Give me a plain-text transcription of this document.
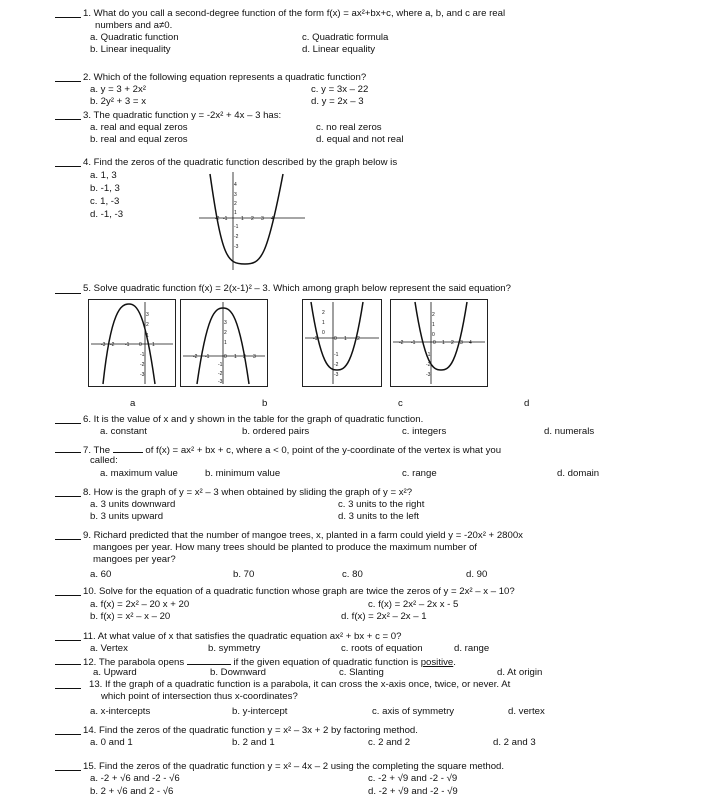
1. What do you call a second-degree function of the form f(x) = ax²+bx+c, where a, b, and c are real
numbers and a≠0.
a. Quadratic function	c. Quadratic formula
b. Linear inequality	d. Linear equality
2. Which of the following equation represents a quadratic function?
a. y = 3 + 2x²	c. y = 3x – 22
b. 2y² + 3 = x	d. y = 2x – 3
3. The quadratic function y = -2x² + 4x – 3 has:
a. real and equal zeros	c. no real zeros
b. real and equal zeros	d. equal and not real
4. Find the zeros of the quadratic function described by the graph below is
a. 1, 3
b. -1, 3
c. 1, -3
d. -1, -3	-2 -1	1 2 3 4
4
3
2
1
-1
-2
-3
5. Solve quadratic function f(x) = 2(x-1)² – 3. Which among graph below represent the said equation?
-3 -2 -1 0 1
3
2
1
-1
-2
-3
-2 -1	0 1 2 3
3
2
1
-1
-2
-3
-1	0 1 2
2
1
0
-1
-2
-3
-2 -1	0 1 2 3 4
2
1
0
-1
-2
-3
a	b	c	d
6. It is the value of x and y shown in the table for the graph of quadratic function.
a. constant	b. ordered pairs	c. integers	d. numerals
7. The	of f(x) = ax² + bx + c, where a < 0, point of the y-coordinate of the vertex is what you
called:
a. maximum value	b. minimum value	c. range	d. domain
8. How is the graph of y = x² – 3 when obtained by sliding the graph of y = x²?
a. 3 units downward	c. 3 units to the right
b. 3 units upward	d. 3 units to the left
9. Richard predicted that the number of mangoe trees, x, planted in a farm could yield y = -20x² + 2800x
mangoes per year. How many trees should be planted to produce the maximum number of
mangoes per year?
a. 60	b. 70	c. 80	d. 90
10. Solve for the equation of a quadratic function whose graph are twice the zeros of y = 2x² – x – 10?
a. f(x) = 2x² – 20 x + 20	c. f(x) = 2x² – 2x x - 5
b. f(x) = x² – x – 20	d. f(x) = 2x² – 2x – 1
11. At what value of x that satisfies the quadratic equation ax² + bx + c = 0?
a. Vertex	b. symmetry	c. roots of equation	d. range
12. The parabola opens	if the given equation of quadratic function is positive.
a. Upward	b. Downward	c. Slanting	d. At origin
13. If the graph of a quadratic function is a parabola, it can cross the x-axis once, twice, or never. At
which point of intersection thus x-coordinates?
a. x-intercepts	b. y-intercept	c. axis of symmetry	d. vertex
14. Find the zeros of the quadratic function y = x² – 3x + 2 by factoring method.
a. 0 and 1	b. 2 and 1	c. 2 and 2	d. 2 and 3
15. Find the zeros of the quadratic function y = x² – 4x – 2 using the completing the square method.
a. -2 + √6 and -2 - √6	c. -2 + √9 and -2 - √9
b. 2 + √6 and 2 - √6	d. -2 + √9 and -2 - √9
